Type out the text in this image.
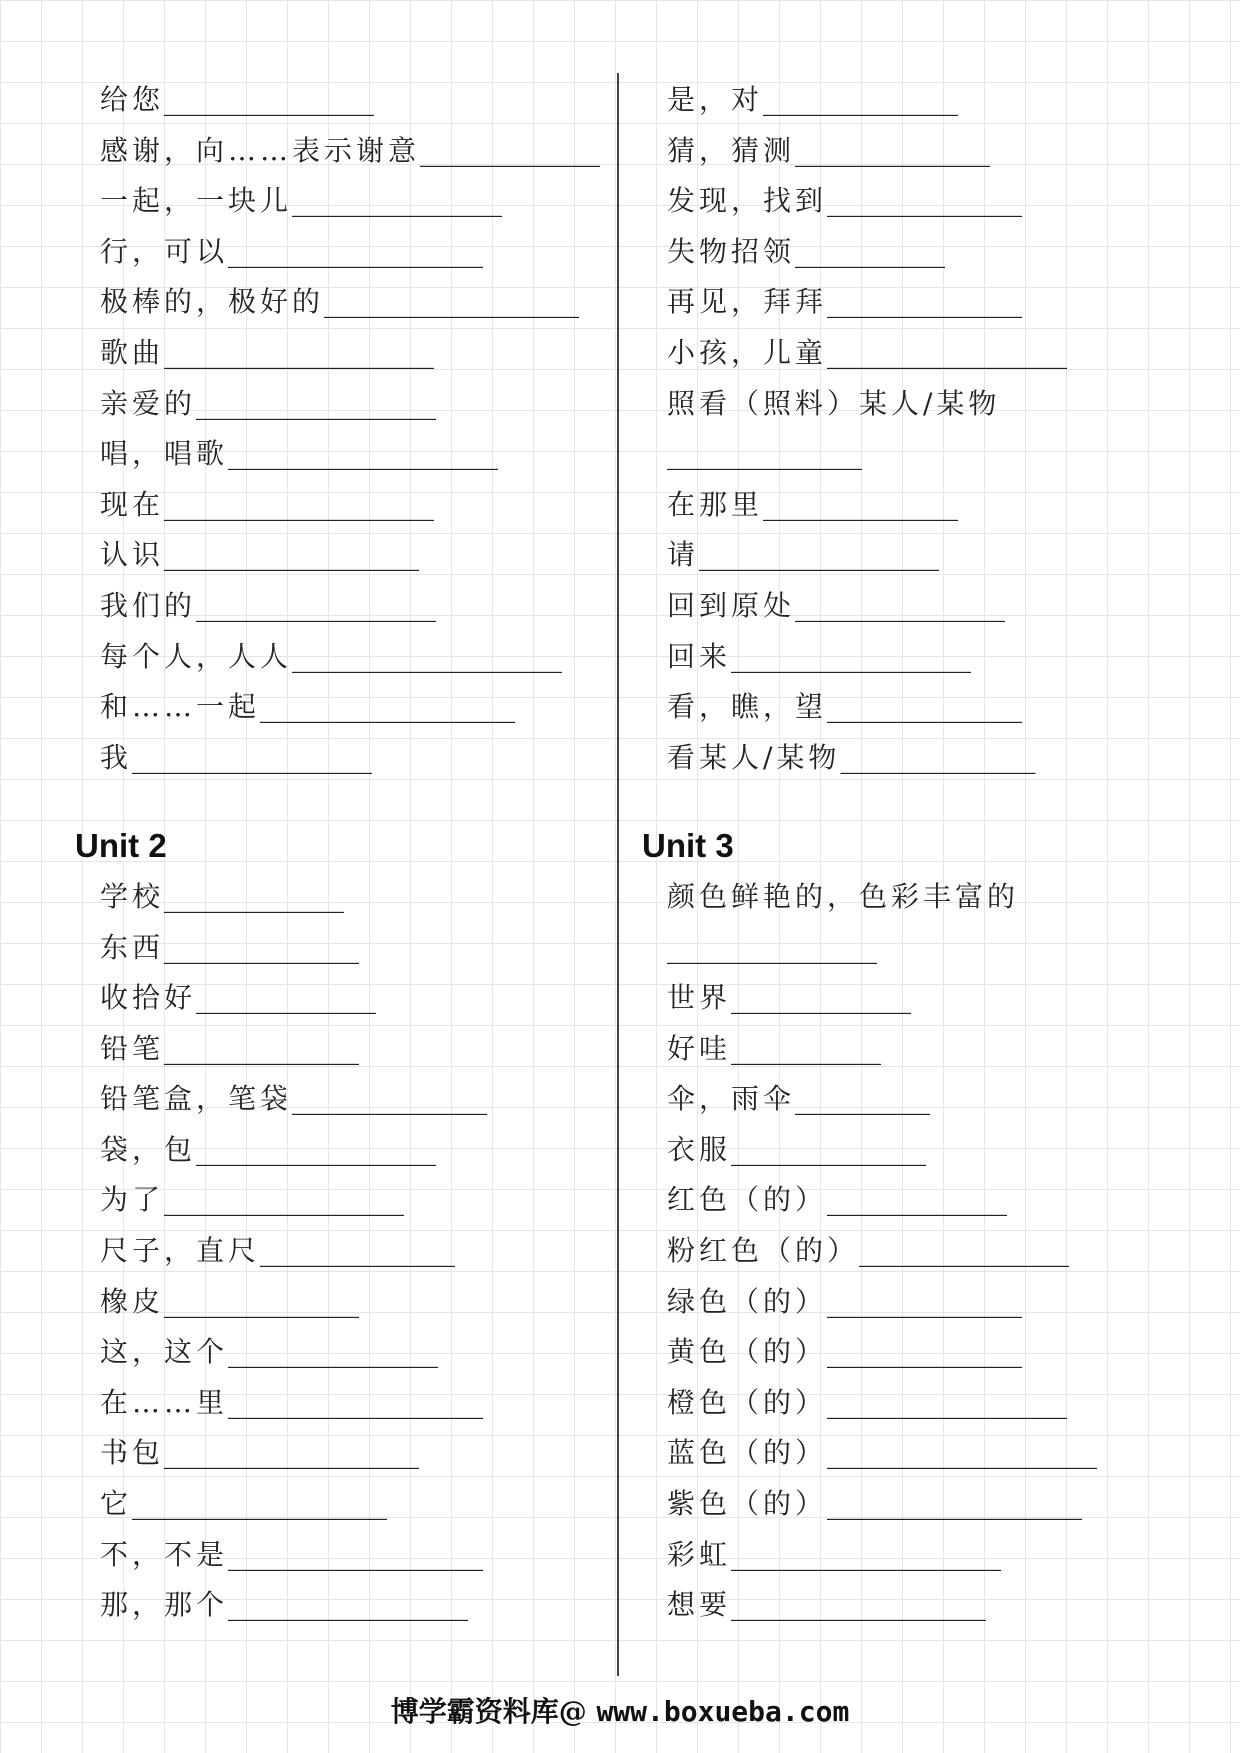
给您______________
感谢，向……表示谢意____________
一起，一块儿______________
行，可以_________________
极棒的，极好的_________________
歌曲__________________
亲爱的________________
唱，唱歌__________________
现在__________________
认识_________________
我们的________________
每个人，人人__________________
和……一起_________________
我________________
Unit 2
学校____________
东西_____________
收拾好____________
铅笔_____________
铅笔盒，笔袋_____________
袋，包________________
为了________________
尺子，直尺_____________
橡皮_____________
这，这个______________
在……里_________________
书包_________________
它_________________
不，不是_________________
那，那个________________
是，对_____________
猜，猜测_____________
发现，找到_____________
失物招领__________
再见，拜拜_____________
小孩，儿童________________
照看（照料）某人/某物
_____________
在那里_____________
请________________
回到原处______________
回来________________
看，瞧，望_____________
看某人/某物_____________
Unit 3
颜色鲜艳的，色彩丰富的
______________
世界____________
好哇__________
伞，雨伞_________
衣服_____________
红色（的）____________
粉红色（的）______________
绿色（的）_____________
黄色（的）_____________
橙色（的）________________
蓝色（的）__________________
紫色（的）_________________
彩虹__________________
想要_________________
博学霸资料库@ www.boxueba.com
